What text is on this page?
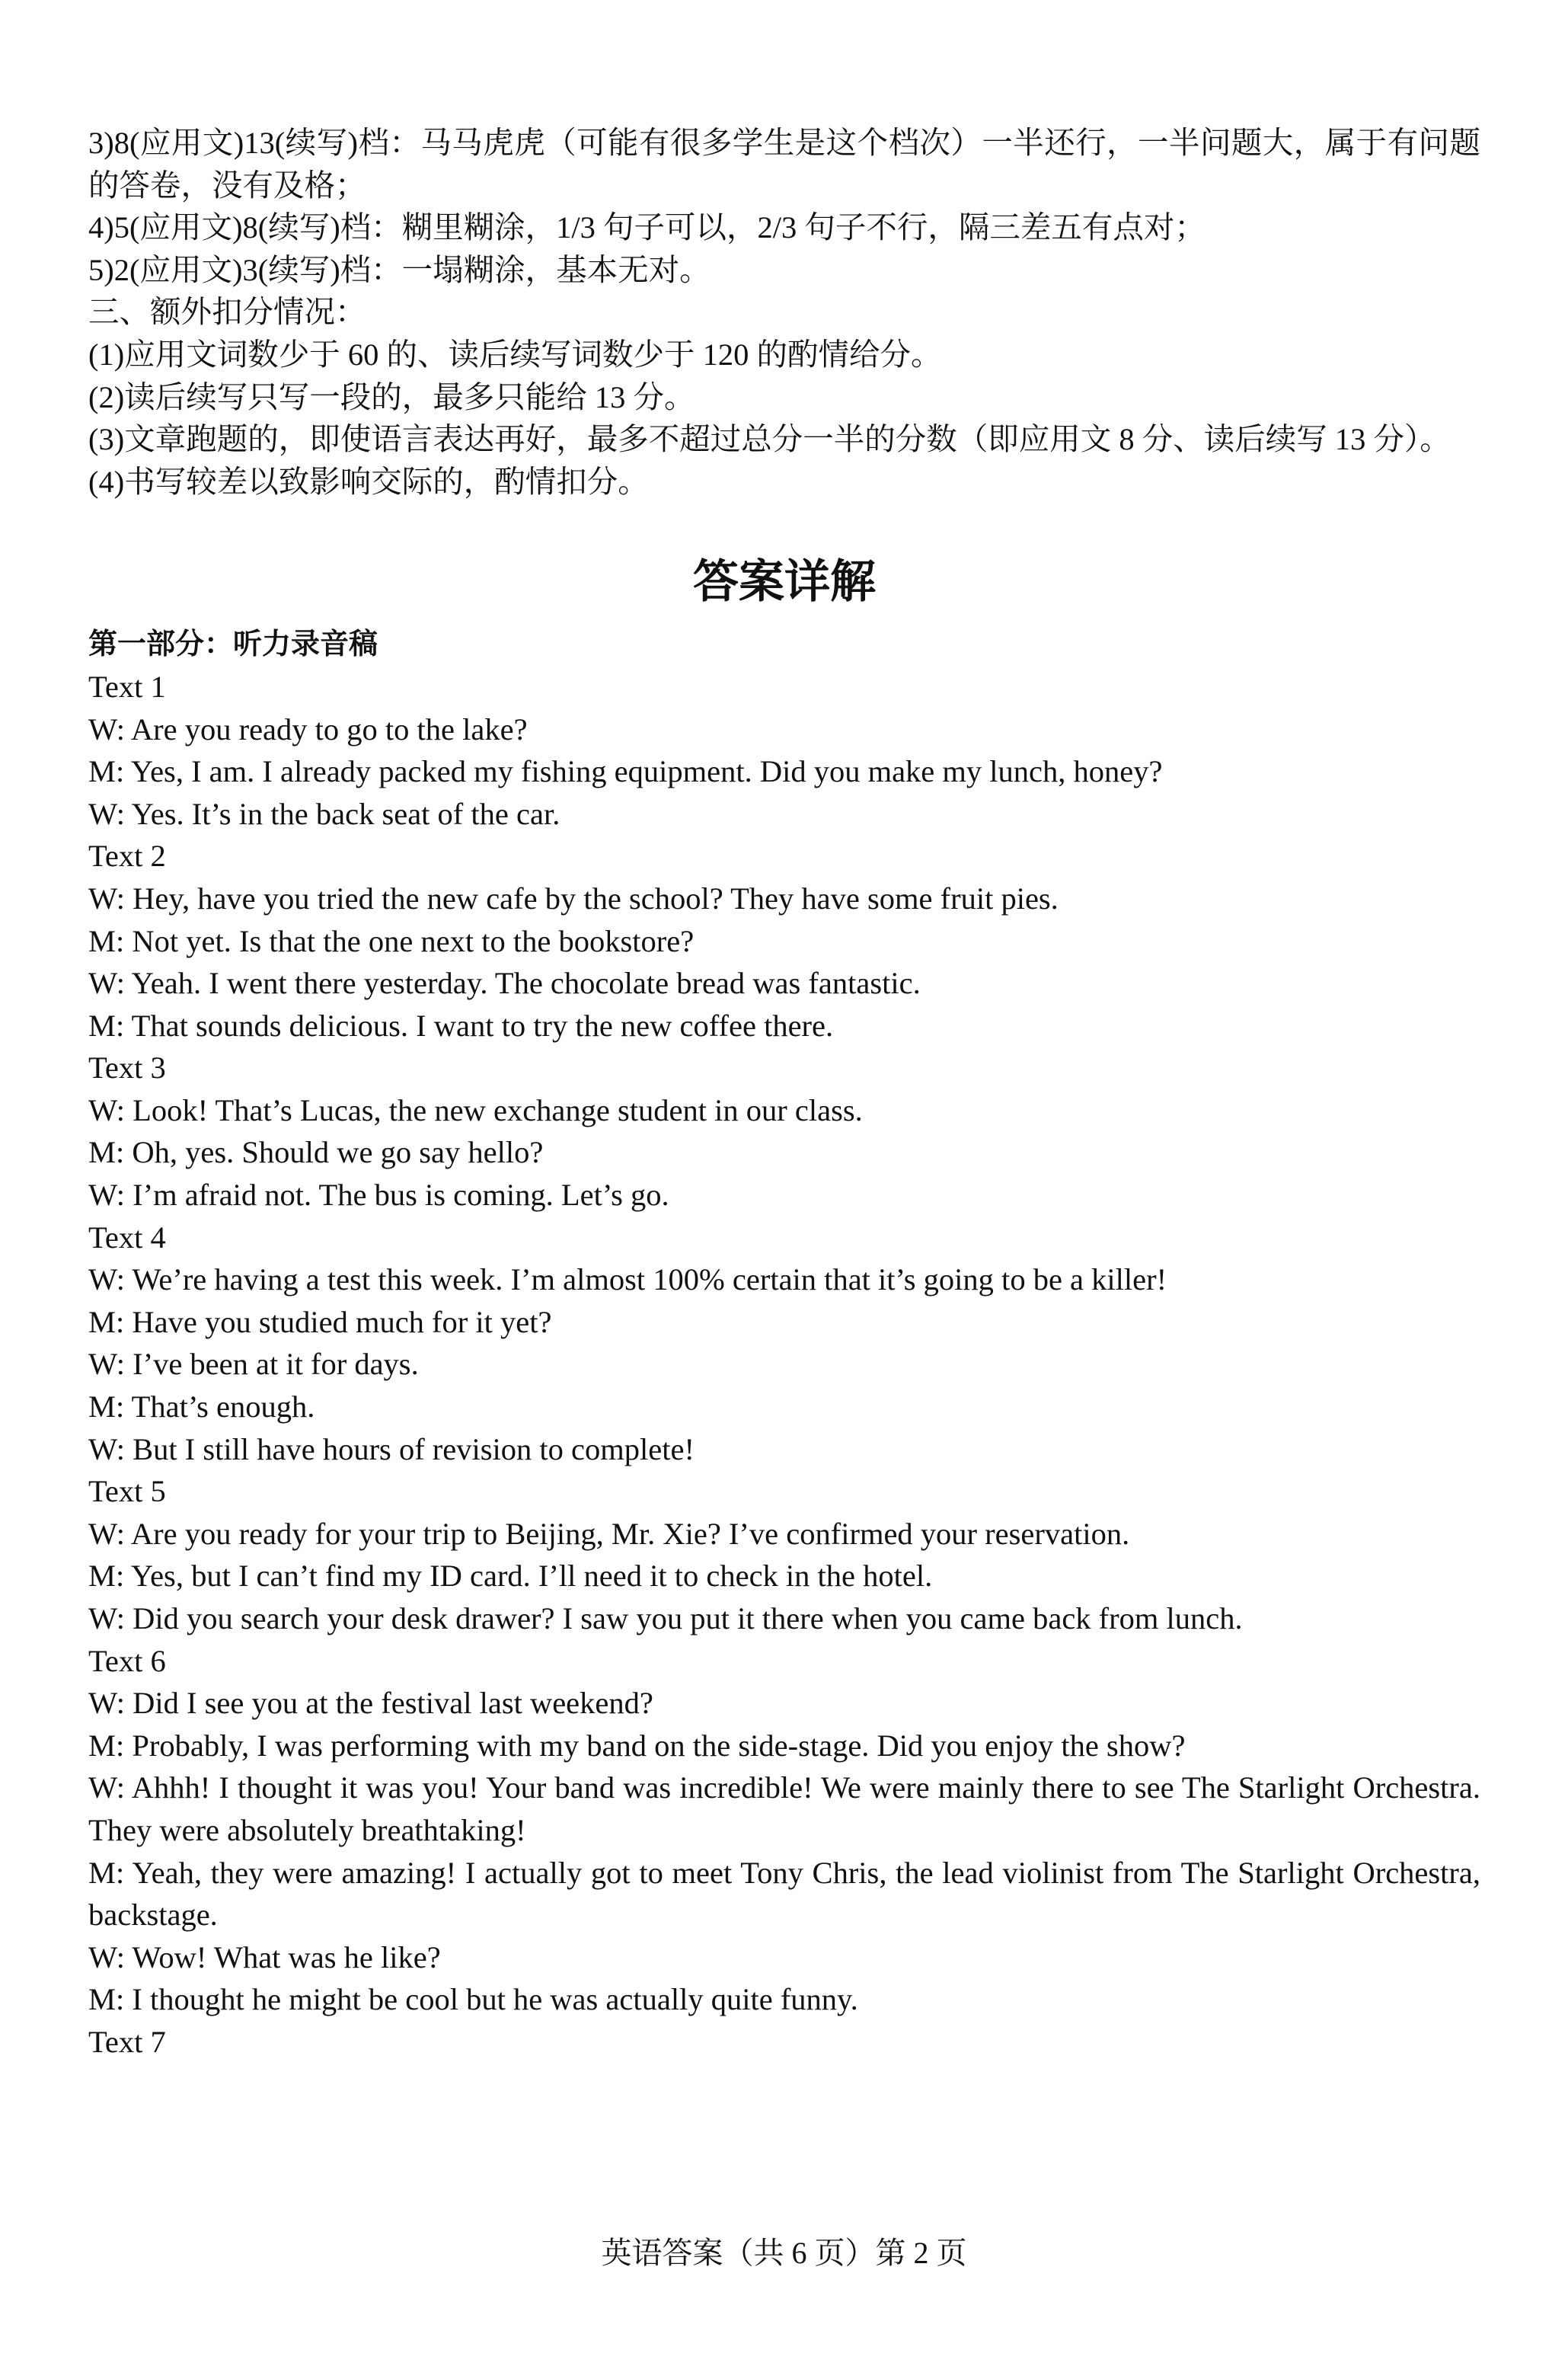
3)8(应用文)13(续写)档：马马虎虎（可能有很多学生是这个档次）一半还行，一半问题大，属于有问题的答卷，没有及格；
4)5(应用文)8(续写)档：糊里糊涂，1/3 句子可以，2/3 句子不行，隔三差五有点对；
5)2(应用文)3(续写)档：一塌糊涂，基本无对。
三、额外扣分情况：
(1)应用文词数少于 60 的、读后续写词数少于 120 的酌情给分。
(2)读后续写只写一段的，最多只能给 13 分。
(3)文章跑题的，即使语言表达再好，最多不超过总分一半的分数（即应用文 8 分、读后续写 13 分）。
(4)书写较差以致影响交际的，酌情扣分。
答案详解
第一部分：听力录音稿
Text 1
W: Are you ready to go to the lake?
M: Yes, I am. I already packed my fishing equipment. Did you make my lunch, honey?
W: Yes. It’s in the back seat of the car.
Text 2
W: Hey, have you tried the new cafe by the school? They have some fruit pies.
M: Not yet. Is that the one next to the bookstore?
W: Yeah. I went there yesterday. The chocolate bread was fantastic.
M: That sounds delicious. I want to try the new coffee there.
Text 3
W: Look! That’s Lucas, the new exchange student in our class.
M: Oh, yes. Should we go say hello?
W: I’m afraid not. The bus is coming. Let’s go.
Text 4
W: We’re having a test this week. I’m almost 100% certain that it’s going to be a killer!
M: Have you studied much for it yet?
W: I’ve been at it for days.
M: That’s enough.
W: But I still have hours of revision to complete!
Text 5
W: Are you ready for your trip to Beijing, Mr. Xie? I’ve confirmed your reservation.
M: Yes, but I can’t find my ID card. I’ll need it to check in the hotel.
W: Did you search your desk drawer? I saw you put it there when you came back from lunch.
Text 6
W: Did I see you at the festival last weekend?
M: Probably, I was performing with my band on the side-stage. Did you enjoy the show?
W: Ahhh! I thought it was you! Your band was incredible! We were mainly there to see The Starlight Orchestra. They were absolutely breathtaking!
M: Yeah, they were amazing! I actually got to meet Tony Chris, the lead violinist from The Starlight Orchestra, backstage.
W: Wow! What was he like?
M: I thought he might be cool but he was actually quite funny.
Text 7
英语答案（共 6 页）第 2 页
